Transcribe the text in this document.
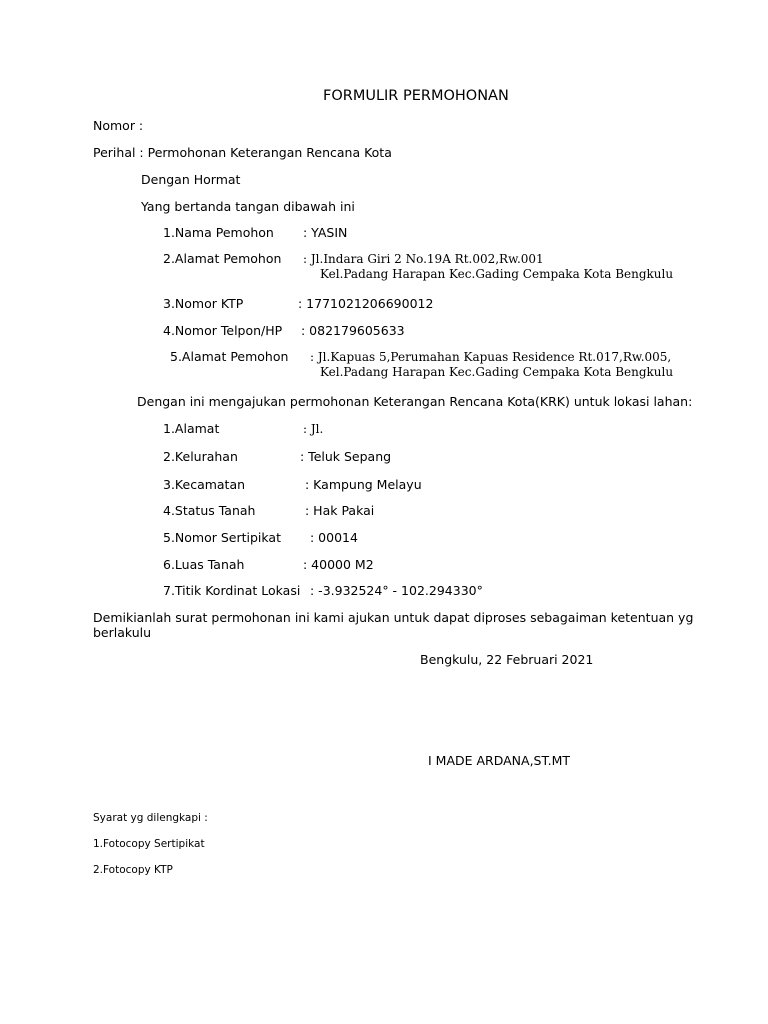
FORMULIR PERMOHONAN
Nomor :
Perihal : Permohonan Keterangan Rencana Kota
Dengan Hormat
Yang bertanda tangan dibawah ini
1.Nama Pemohon : YASIN
2.Alamat Pemohon : Jl.Indara Giri 2 No.19A Rt.002,Rw.001
Kel.Padang Harapan Kec.Gading Cempaka Kota Bengkulu
3.Nomor KTP	: 1771021206690012
4.Nomor Telpon/HP : 082179605633
5.Alamat Pemohon : Jl.Kapuas 5,Perumahan Kapuas Residence Rt.017,Rw.005,
Kel.Padang Harapan Kec.Gading Cempaka Kota Bengkulu
Dengan ini mengajukan permohonan Keterangan Rencana Kota(KRK) untuk lokasi lahan:
1.Alamat	: Jl.
2.Kelurahan	: Teluk Sepang
3.Kecamatan	: Kampung Melayu
4.Status Tanah	: Hak Pakai
5.Nomor Sertipikat : 00014
6.Luas Tanah	: 40000 M2
7.Titik Kordinat Lokasi : -3.932524° - 102.294330°
Demikianlah surat permohonan ini kami ajukan untuk dapat diproses sebagaiman ketentuan yg
berlakulu
Bengkulu, 22 Februari 2021
I MADE ARDANA,ST.MT
Syarat yg dilengkapi :
1.Fotocopy Sertipikat
2.Fotocopy KTP
